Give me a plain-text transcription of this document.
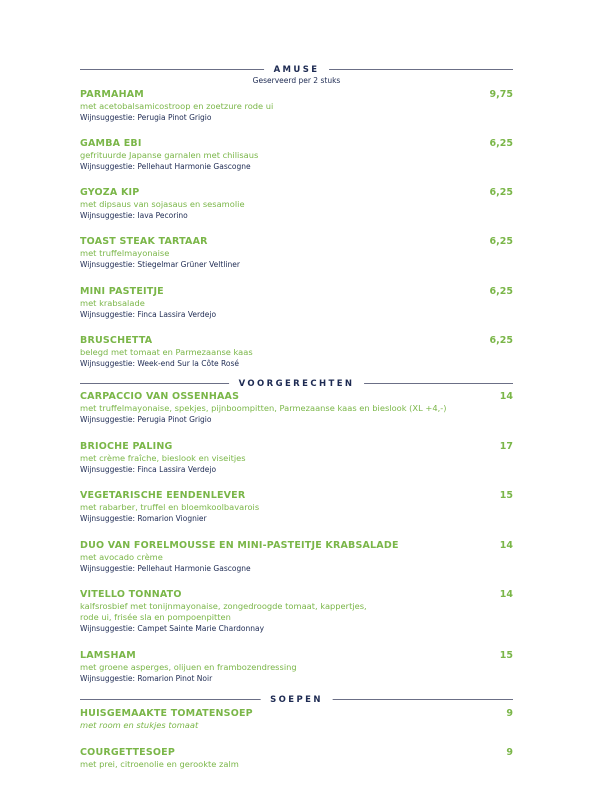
AMUSE
Geserveerd per 2 stuks
PARMAHAM	9,75
met acetobalsamicostroop en zoetzure rode ui
Wijnsuggestie: Perugia Pinot Grigio
GAMBA EBI	6,25
gefrituurde Japanse garnalen met chilisaus
Wijnsuggestie: Pellehaut Harmonie Gascogne
GYOZA KIP	6,25
met dipsaus van sojasaus en sesamolie
Wijnsuggestie: Iava Pecorino
TOAST STEAK TARTAAR	6,25
met truffelmayonaise
Wijnsuggestie: Stiegelmar Grüner Veltliner
MINI PASTEITJE	6,25
met krabsalade
Wijnsuggestie: Finca Lassira Verdejo
BRUSCHETTA	6,25
belegd met tomaat en Parmezaanse kaas
Wijnsuggestie: Week-end Sur la Côte Rosé
VOORGERECHTEN
CARPACCIO VAN OSSENHAAS	14
met truffelmayonaise, spekjes, pijnboompitten, Parmezaanse kaas en bieslook (XL +4,-)
Wijnsuggestie: Perugia Pinot Grigio
BRIOCHE PALING	17
met crème fraîche, bieslook en viseitjes
Wijnsuggestie: Finca Lassira Verdejo
VEGETARISCHE EENDENLEVER	15
met rabarber, truffel en bloemkoolbavarois
Wijnsuggestie: Romarion Viognier
DUO VAN FORELMOUSSE EN MINI-PASTEITJE KRABSALADE	14
met avocado crème
Wijnsuggestie: Pellehaut Harmonie Gascogne
VITELLO TONNATO	14
kalfsrosbief met tonijnmayonaise, zongedroogde tomaat, kappertjes,
rode ui, frisée sla en pompoenpitten
Wijnsuggestie: Campet Sainte Marie Chardonnay
LAMSHAM	15
met groene asperges, olijuen en frambozendressing
Wijnsuggestie: Romarion Pinot Noir
SOEPEN
HUISGEMAAKTE TOMATENSOEP	9
met room en stukjes tomaat
COURGETTESOEP	9
met prei, citroenolie en gerookte zalm
